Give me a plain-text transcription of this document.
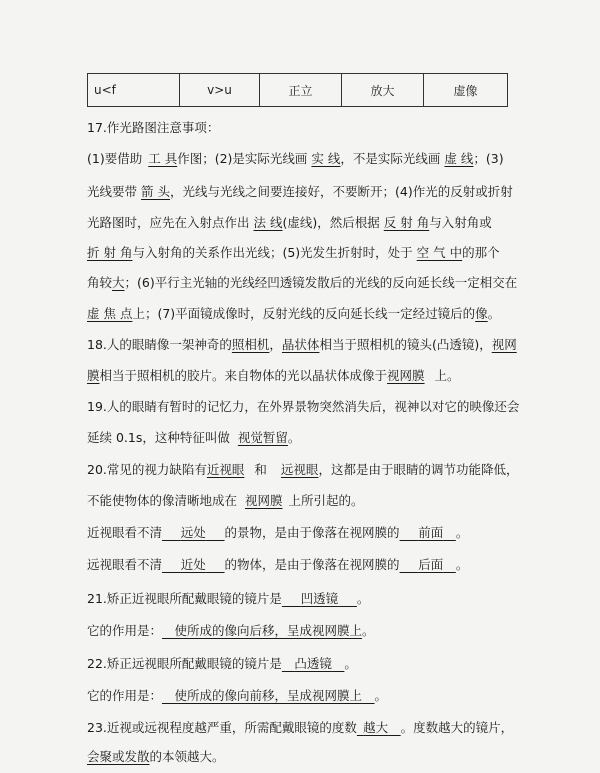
u<f	v>u	正立	放大	虚像
17.作光路图注意事项：
(1)要借助 工 具作图；(2)是实际光线画 实 线，不是实际光线画 虚 线；(3)
光线要带 箭 头，光线与光线之间要连接好，不要断开；(4)作光的反射或折射
光路图时，应先在入射点作出 法 线(虚线)，然后根据 反 射 角与入射角或
折 射 角与入射角的关系作出光线；(5)光发生折射时，处于 空 气 中的那个
角较大；(6)平行主光轴的光线经凹透镜发散后的光线的反向延长线一定相交在
虚 焦 点上；(7)平面镜成像时，反射光线的反向延长线一定经过镜后的像。
18.人的眼睛像一架神奇的照相机，晶状体相当于照相机的镜头(凸透镜)，视网
膜相当于照相机的胶片。来自物体的光以晶状体成像于视网膜 上。
19.人的眼睛有暂时的记忆力，在外界景物突然消失后，视神以对它的映像还会
延续 0.1s，这种特征叫做 视觉暂留。
20.常见的视力缺陷有近视眼 和 远视眼，这都是由于眼睛的调节功能降低，
不能使物体的像清晰地成在 视网膜 上所引起的。
近视眼看不清   远处   的景物，是由于像落在视网膜的   前面  。
远视眼看不清   近处   的物体，是由于像落在视网膜的   后面  。
21.矫正近视眼所配戴眼镜的镜片是   凹透镜   。
它的作用是：   使所成的像向后移，呈成视网膜上。
22.矫正远视眼所配戴眼镜的镜片是  凸透镜  。
它的作用是：   使所成的像向前移，呈成视网膜上  。
23.近视或远视程度越严重，所需配戴眼镜的度数  越大  。度数越大的镜片，
会聚或发散的本领越大。
